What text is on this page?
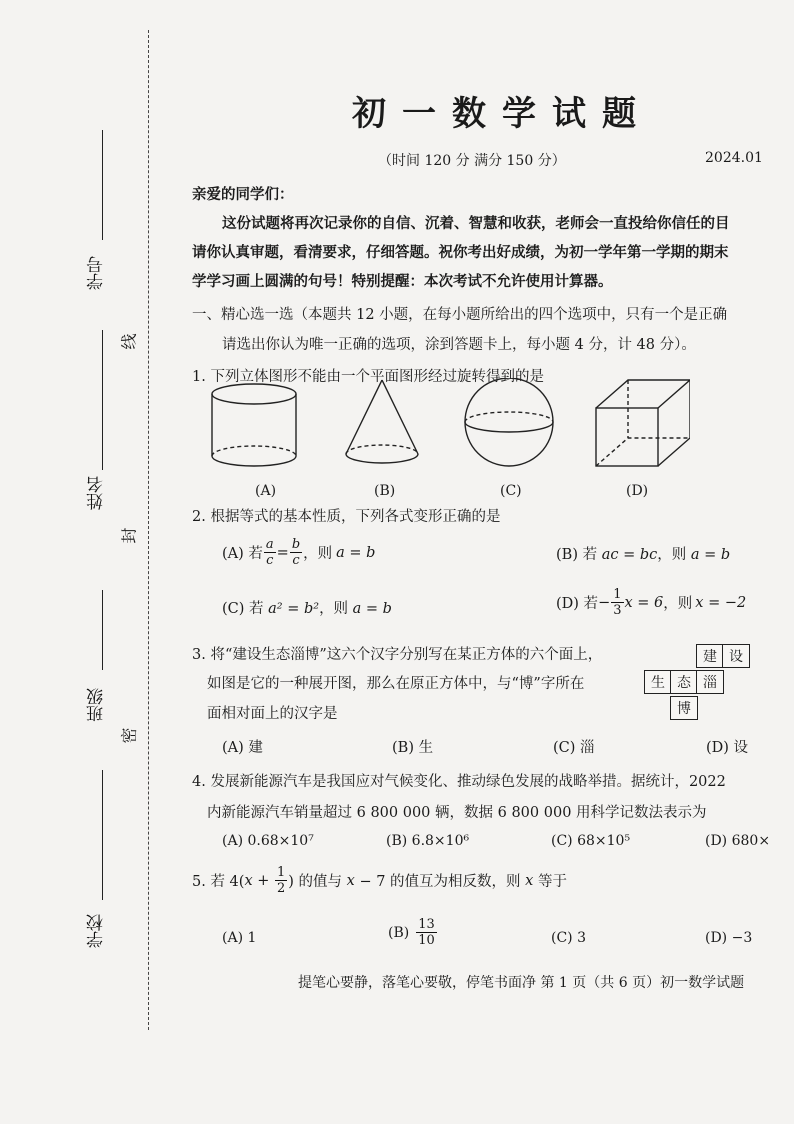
学号
姓名
班级
学校
线
封
密

初一数学试题
（时间 120 分 满分 150 分）	2024.01
亲爱的同学们：
这份试题将再次记录你的自信、沉着、智慧和收获，老师会一直投给你信任的目
请你认真审题，看清要求，仔细答题。祝你考出好成绩，为初一学年第一学期的期末
学学习画上圆满的句号！特别提醒：本次考试不允许使用计算器。
一、精心选一选（本题共 12 小题，在每小题所给出的四个选项中，只有一个是正确
请选出你认为唯一正确的选项，涂到答题卡上，每小题 4 分，计 48 分）。
1. 下列立体图形不能由一个平面图形经过旋转得到的是
(A)	(B)	(C)	(D)
2. 根据等式的基本性质，下列各式变形正确的是
(A) 若 $\frac{a}{c} = \frac{b}{c}$ ，则 a = b	(B) 若 ac = bc，则 a = b
(C) 若 a² = b²，则 a = b	(D) 若 − $\frac{1}{3}$ x = 6 ，则 x = −2
3. 将“建设生态淄博”这六个汉字分别写在某正方体的六个面上，
如图是它的一种展开图，那么在原正方体中，与“博”字所在
面相对面上的汉字是
建 设
生 态 淄
博
(A) 建	(B) 生	(C) 淄	(D) 设
4. 发展新能源汽车是我国应对气候变化、推动绿色发展的战略举措。据统计，2022
内新能源汽车销量超过 6 800 000 辆，数据 6 800 000 用科学记数法表示为
(A) 0.68×10⁷	(B) 6.8×10⁶	(C) 68×10⁵	(D) 680×
5. 若 4( $x + \frac{1}{2}$ ) 的值与 x − 7 的值互为相反数，则 x 等于
(A) 1	$(B) \frac{13}{10}$	(C) 3	(D) −3
提笔心要静，落笔心要敬，停笔书面净 第 1 页（共 6 页）初一数学试题
